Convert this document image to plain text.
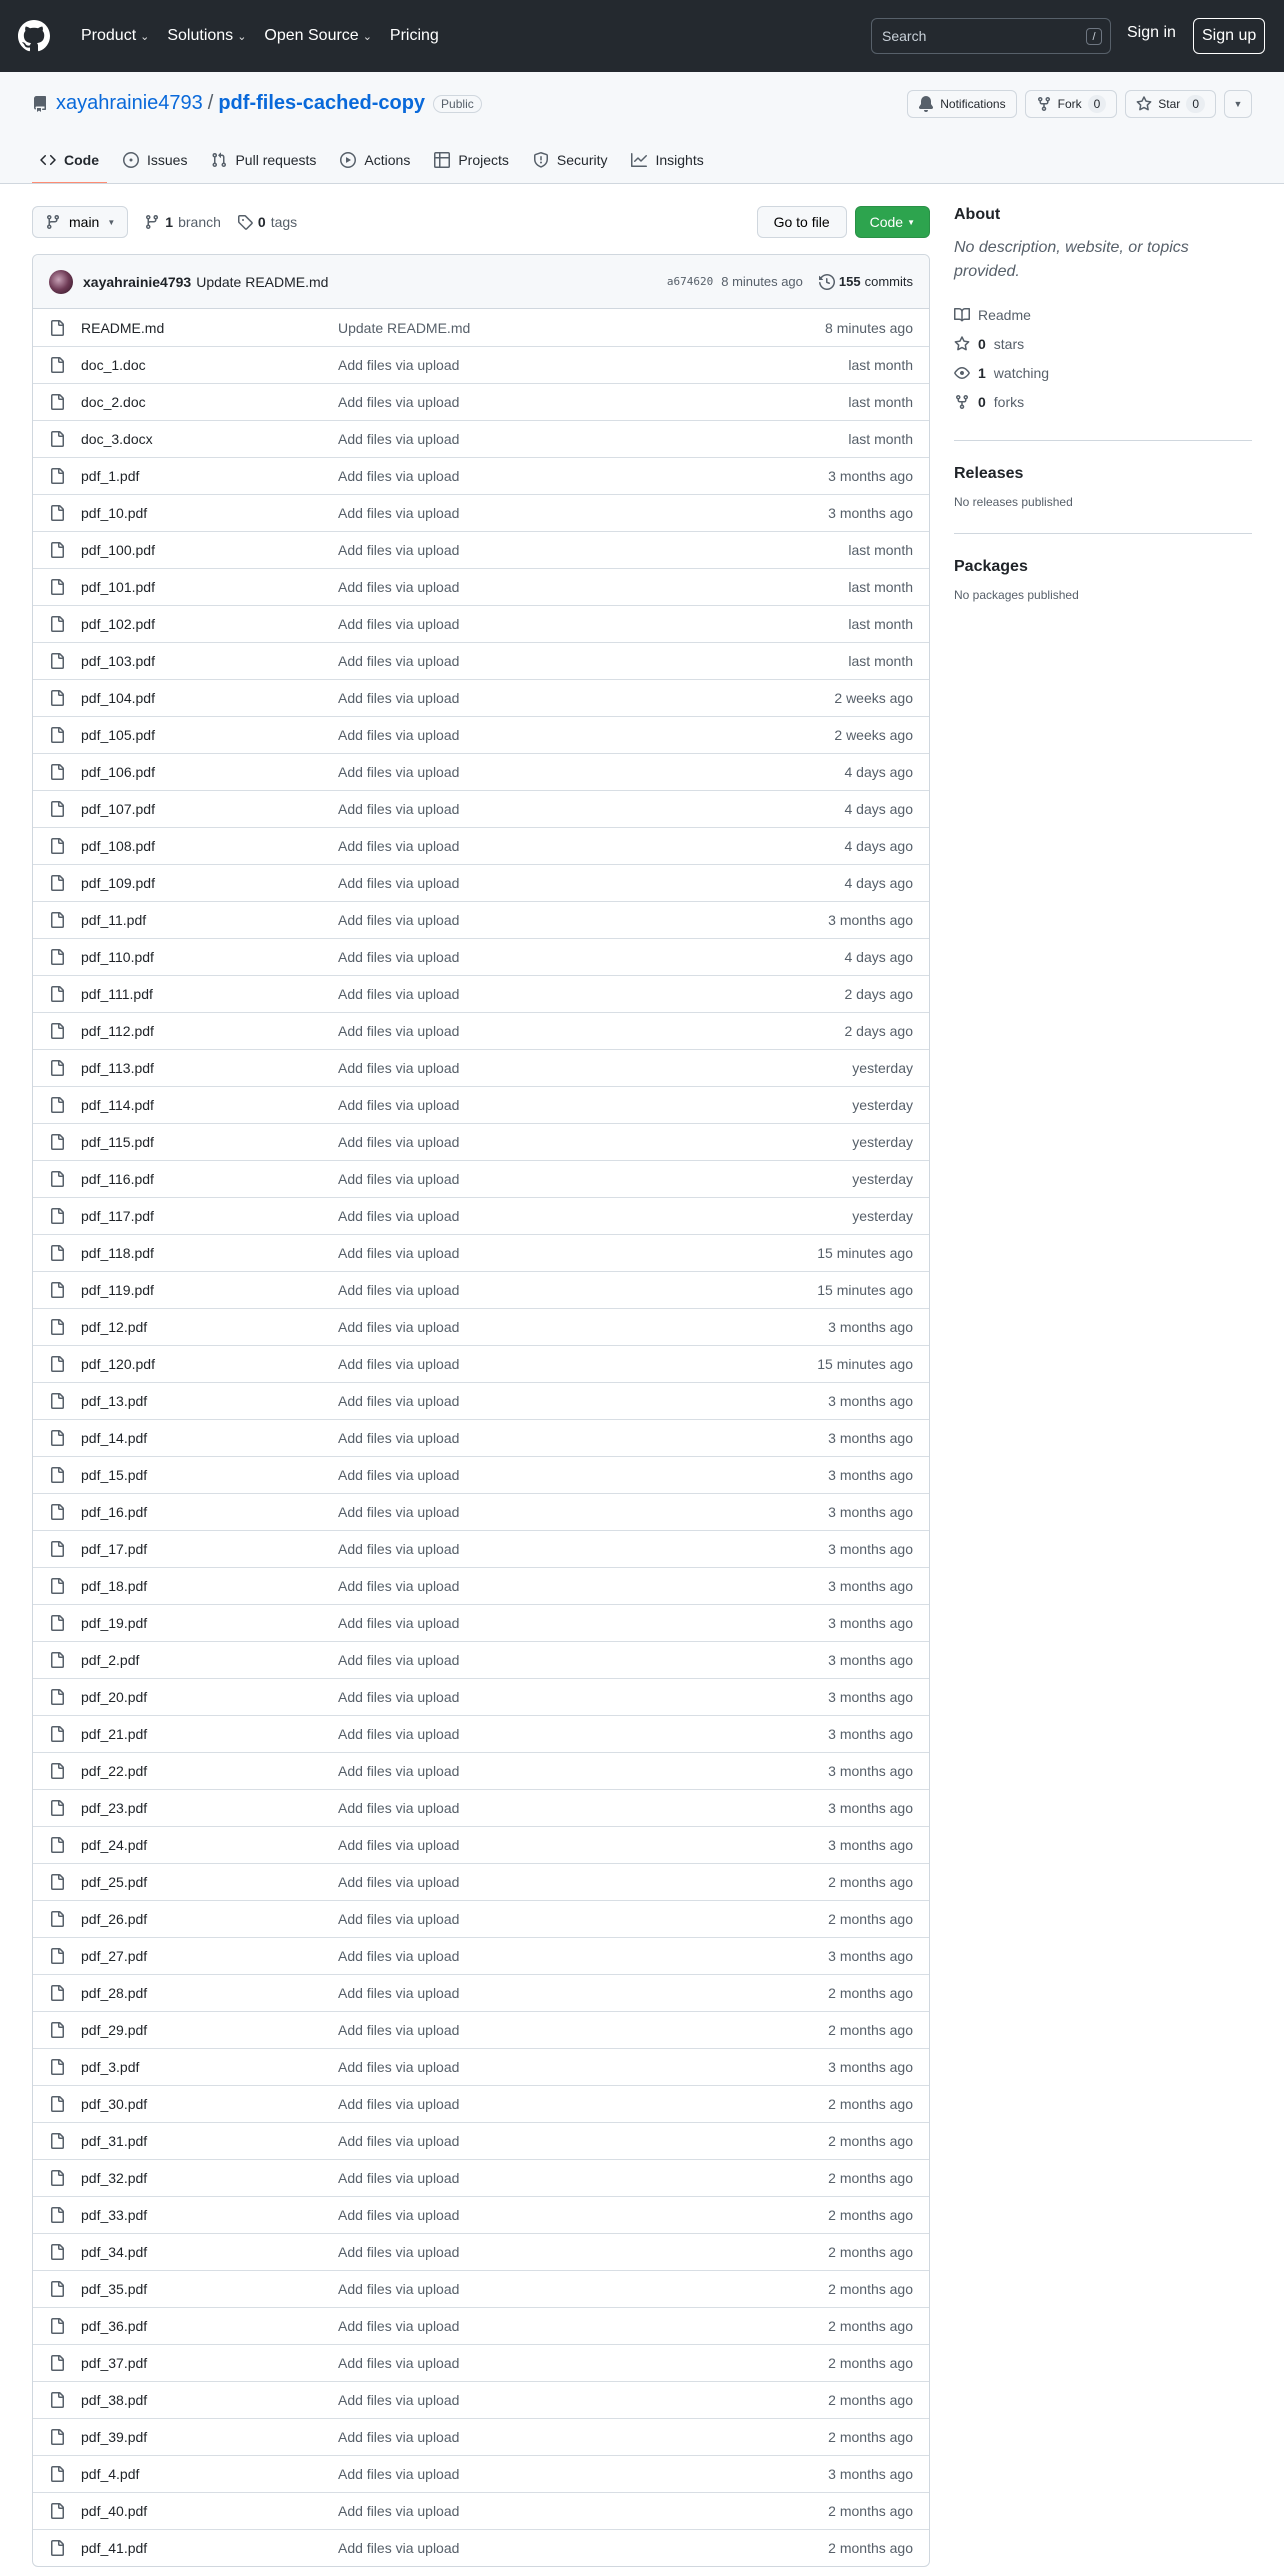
Product ⌄ Solutions ⌄ Open Source ⌄ Pricing
Search	/	Sign in	Sign up
xayahrainie4793 / pdf-files-cached-copy	Public	Notifications	Fork	0	Star	0	▼
Code	Issues	Pull requests	Actions	Projects	Security	Insights
main ▼	1 branch	0 tags	Go to file	Code ▼
xayahrainie4793 Update README.md	a674620 8 minutes ago	155 commits
README.md	Update README.md	8 minutes ago
doc_1.doc	Add files via upload	last month
doc_2.doc	Add files via upload	last month
doc_3.docx	Add files via upload	last month
pdf_1.pdf	Add files via upload	3 months ago
pdf_10.pdf	Add files via upload	3 months ago
pdf_100.pdf	Add files via upload	last month
pdf_101.pdf	Add files via upload	last month
pdf_102.pdf	Add files via upload	last month
pdf_103.pdf	Add files via upload	last month
pdf_104.pdf	Add files via upload	2 weeks ago
pdf_105.pdf	Add files via upload	2 weeks ago
pdf_106.pdf	Add files via upload	4 days ago
pdf_107.pdf	Add files via upload	4 days ago
pdf_108.pdf	Add files via upload	4 days ago
pdf_109.pdf	Add files via upload	4 days ago
pdf_11.pdf	Add files via upload	3 months ago
pdf_110.pdf	Add files via upload	4 days ago
pdf_111.pdf	Add files via upload	2 days ago
pdf_112.pdf	Add files via upload	2 days ago
pdf_113.pdf	Add files via upload	yesterday
pdf_114.pdf	Add files via upload	yesterday
pdf_115.pdf	Add files via upload	yesterday
pdf_116.pdf	Add files via upload	yesterday
pdf_117.pdf	Add files via upload	yesterday
pdf_118.pdf	Add files via upload	15 minutes ago
pdf_119.pdf	Add files via upload	15 minutes ago
pdf_12.pdf	Add files via upload	3 months ago
pdf_120.pdf	Add files via upload	15 minutes ago
pdf_13.pdf	Add files via upload	3 months ago
pdf_14.pdf	Add files via upload	3 months ago
pdf_15.pdf	Add files via upload	3 months ago
pdf_16.pdf	Add files via upload	3 months ago
pdf_17.pdf	Add files via upload	3 months ago
pdf_18.pdf	Add files via upload	3 months ago
pdf_19.pdf	Add files via upload	3 months ago
pdf_2.pdf	Add files via upload	3 months ago
pdf_20.pdf	Add files via upload	3 months ago
pdf_21.pdf	Add files via upload	3 months ago
pdf_22.pdf	Add files via upload	3 months ago
pdf_23.pdf	Add files via upload	3 months ago
pdf_24.pdf	Add files via upload	3 months ago
pdf_25.pdf	Add files via upload	2 months ago
pdf_26.pdf	Add files via upload	2 months ago
pdf_27.pdf	Add files via upload	3 months ago
pdf_28.pdf	Add files via upload	2 months ago
pdf_29.pdf	Add files via upload	2 months ago
pdf_3.pdf	Add files via upload	3 months ago
pdf_30.pdf	Add files via upload	2 months ago
pdf_31.pdf	Add files via upload	2 months ago
pdf_32.pdf	Add files via upload	2 months ago
pdf_33.pdf	Add files via upload	2 months ago
pdf_34.pdf	Add files via upload	2 months ago
pdf_35.pdf	Add files via upload	2 months ago
pdf_36.pdf	Add files via upload	2 months ago
pdf_37.pdf	Add files via upload	2 months ago
pdf_38.pdf	Add files via upload	2 months ago
pdf_39.pdf	Add files via upload	2 months ago
pdf_4.pdf	Add files via upload	3 months ago
pdf_40.pdf	Add files via upload	2 months ago
pdf_41.pdf	Add files via upload	2 months ago
About

No description, website, or topics provided.

Readme
0 stars
1 watching
0 forks
Releases

No releases published

Packages

No packages published
